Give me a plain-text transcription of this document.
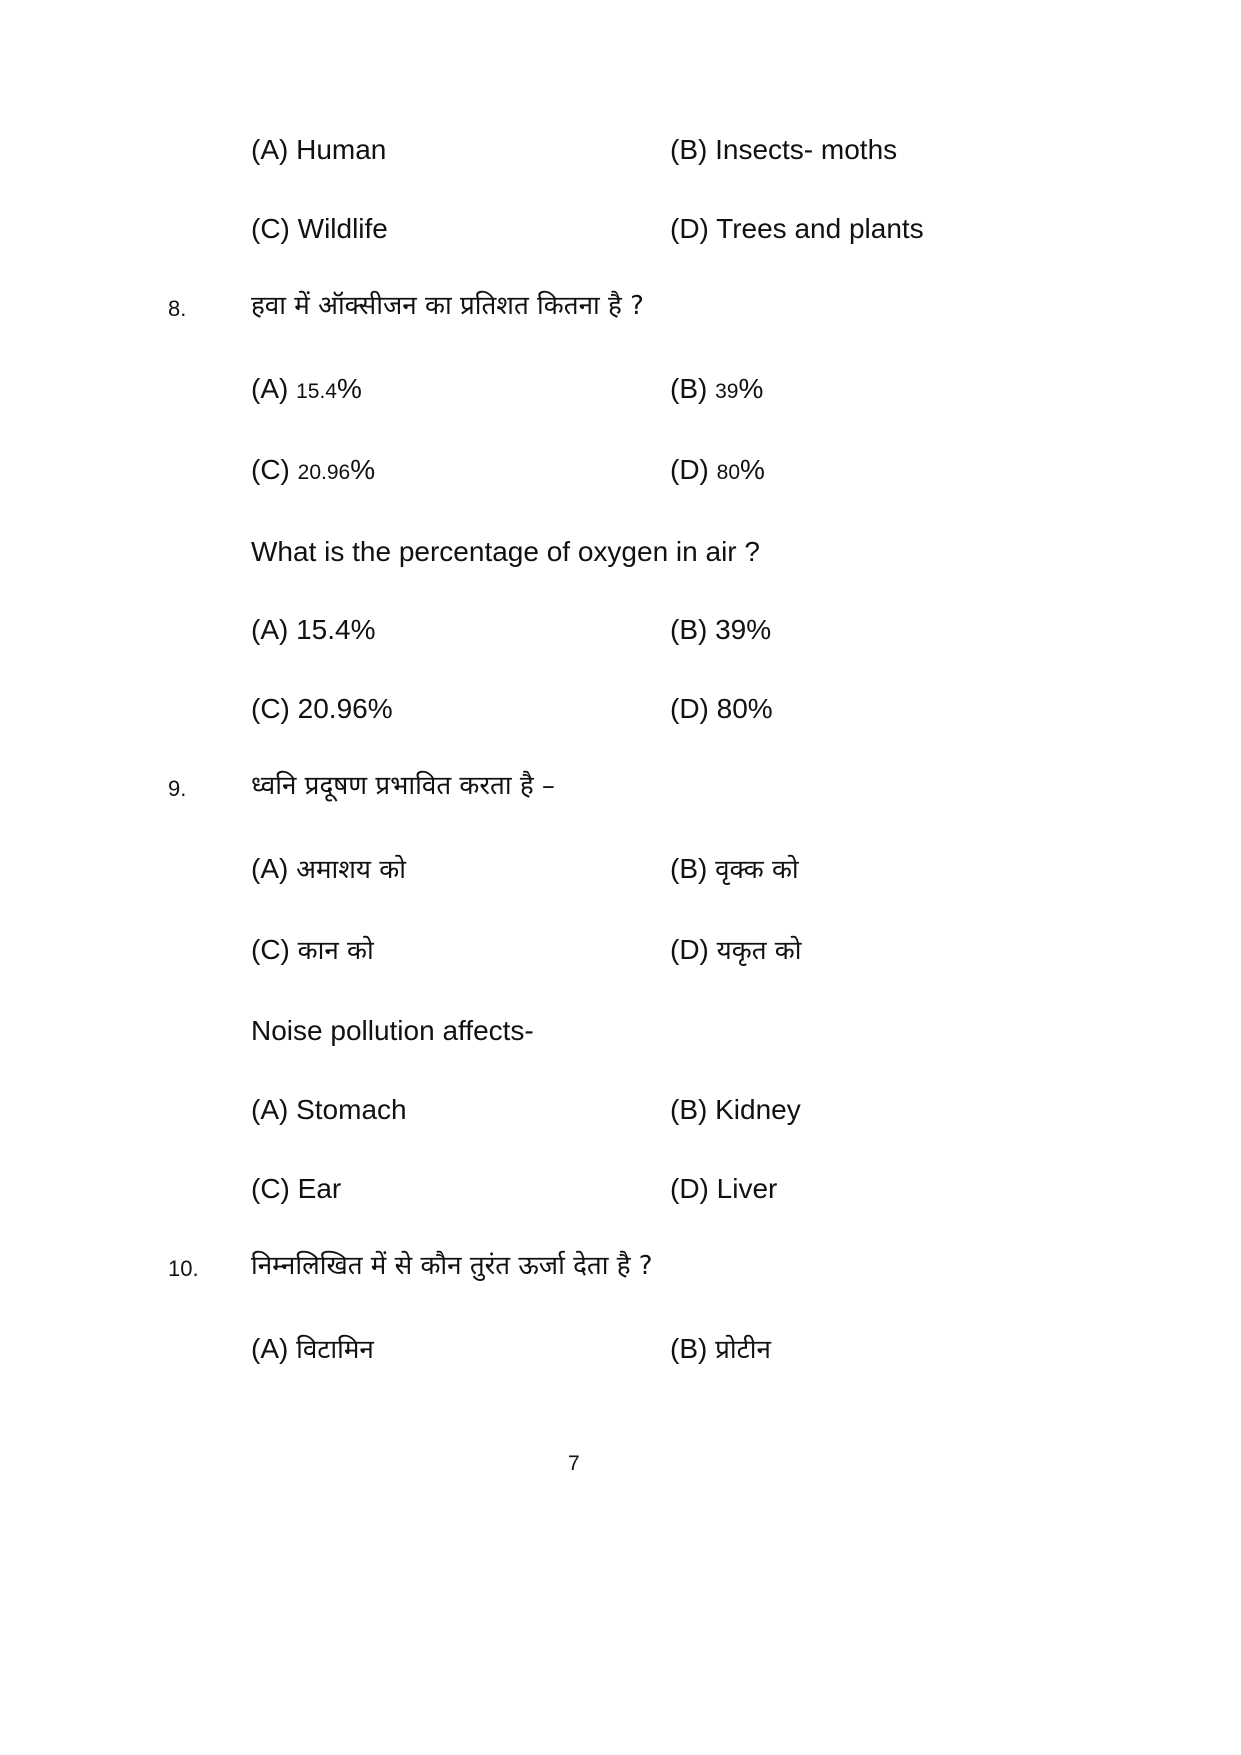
(A) Human	(B) Insects- moths
(C) Wildlife	(D) Trees and plants
8. हवा में ऑक्सीजन का प्रतिशत कितना है ?
(A) 15.4%	(B) 39%
(C) 20.96%	(D) 80%
What is the percentage of oxygen in air ?
(A) 15.4%	(B) 39%
(C) 20.96%	(D) 80%
9. ध्वनि प्रदूषण प्रभावित करता है –
(A) अमाशय को	(B) वृक्क को
(C) कान को	(D) यकृत को
Noise pollution affects-
(A) Stomach	(B) Kidney
(C) Ear	(D) Liver
10. निम्नलिखित में से कौन तुरंत ऊर्जा देता है ?
(A) विटामिन	(B) प्रोटीन
7
